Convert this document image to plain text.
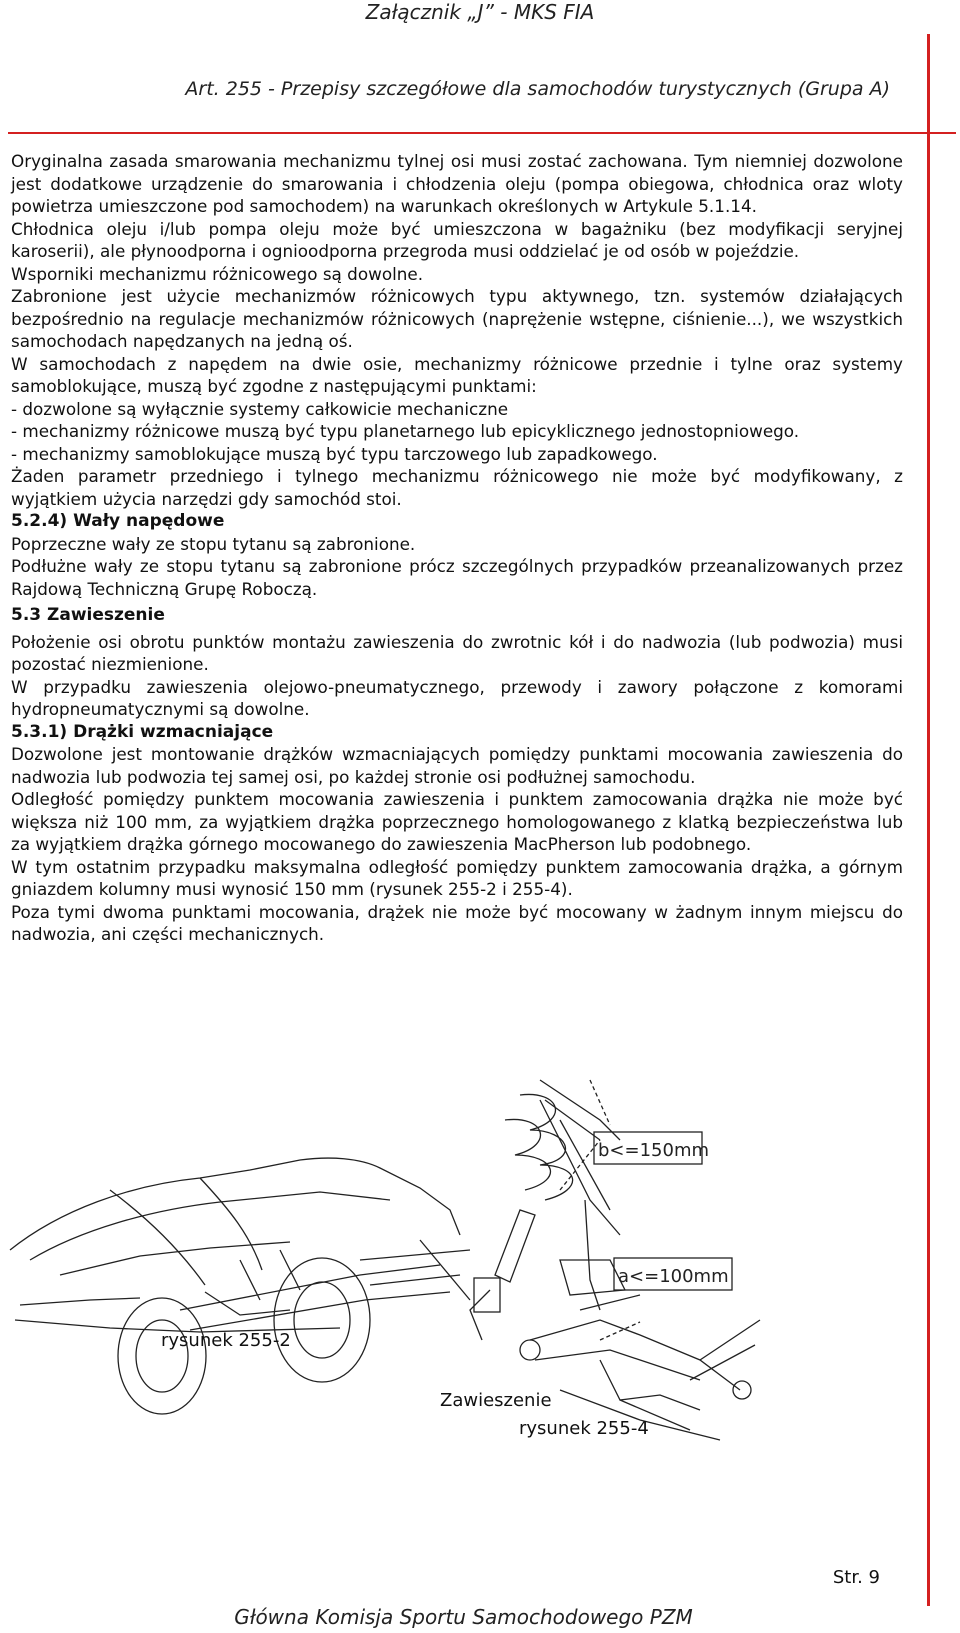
Załącznik „J” - MKS FIA
Art. 255 - Przepisy szczegółowe dla samochodów turystycznych (Grupa A)

Oryginalna zasada smarowania mechanizmu tylnej osi musi zostać zachowana. Tym niemniej dozwolone jest dodatkowe urządzenie do smarowania i chłodzenia oleju (pompa obiegowa, chłodnica oraz wloty powietrza umieszczone pod samochodem) na warunkach określonych w Artykule 5.1.14.

Chłodnica oleju i/lub pompa oleju może być umieszczona w bagażniku (bez modyfikacji seryjnej karoserii), ale płynoodporna i ognioodporna przegroda musi oddzielać je od osób w pojeździe.

Wsporniki mechanizmu różnicowego są dowolne.

Zabronione jest użycie mechanizmów różnicowych typu aktywnego, tzn. systemów działających bezpośrednio na regulacje mechanizmów różnicowych (naprężenie wstępne, ciśnienie...), we wszystkich samochodach napędzanych na jedną oś.

W samochodach z napędem na dwie osie, mechanizmy różnicowe przednie i tylne oraz systemy samoblokujące, muszą być zgodne z następującymi punktami:

- dozwolone są wyłącznie systemy całkowicie mechaniczne

- mechanizmy różnicowe muszą być typu planetarnego lub epicyklicznego jednostopniowego.

- mechanizmy samoblokujące muszą być typu tarczowego lub zapadkowego.

Żaden parametr przedniego i tylnego mechanizmu różnicowego nie może być modyfikowany, z wyjątkiem użycia narzędzi gdy samochód stoi.

5.2.4) Wały napędowe

Poprzeczne wały ze stopu tytanu są zabronione.

Podłużne wały ze stopu tytanu są zabronione prócz szczególnych przypadków przeanalizowanych przez Rajdową Techniczną Grupę Roboczą.

5.3 Zawieszenie

Położenie osi obrotu punktów montażu zawieszenia do zwrotnic kół i do nadwozia (lub podwozia) musi pozostać niezmienione.

W przypadku zawieszenia olejowo-pneumatycznego, przewody i zawory połączone z komorami hydropneumatycznymi są dowolne.

5.3.1) Drążki wzmacniające

Dozwolone jest montowanie drążków wzmacniających pomiędzy punktami mocowania zawieszenia do nadwozia lub podwozia tej samej osi, po każdej stronie osi podłużnej samochodu.

Odległość pomiędzy punktem mocowania zawieszenia i punktem zamocowania drążka nie może być większa niż 100 mm, za wyjątkiem drążka poprzecznego homologowanego z klatką bezpieczeństwa lub za wyjątkiem drążka górnego mocowanego do zawieszenia MacPherson lub podobnego.

W tym ostatnim przypadku maksymalna odległość pomiędzy punktem zamocowania drążka, a górnym gniazdem kolumny musi wynosić 150 mm (rysunek 255-2 i 255-4).

Poza tymi dwoma punktami mocowania, drążek nie może być mocowany w żadnym innym miejscu do nadwozia, ani części mechanicznych.

b<=150mm
a<=100mm
rysunek 255-2
Zawieszenie
rysunek 255-4
Str. 9
Główna Komisja Sportu Samochodowego PZM
